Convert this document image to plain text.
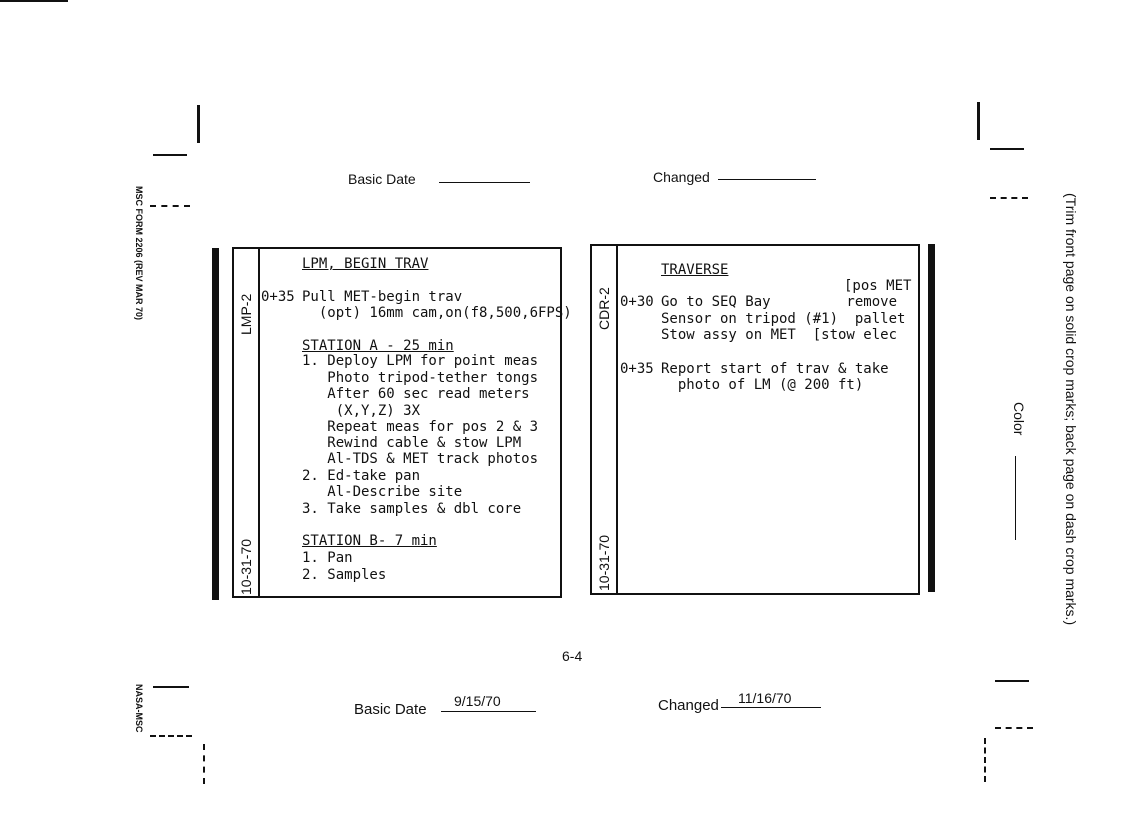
MSC FORM 2206 (REV MAR 70)
NASA-MSC
Basic Date	Changed
LMP-2
10-31-70
LPM, BEGIN TRAV
0+35 Pull MET-begin trav
(opt) 16mm cam,on(f8,500,6FPS)
STATION A - 25 min
1. Deploy LPM for point meas
Photo tripod-tether tongs
After 60 sec read meters
(X,Y,Z) 3X
Repeat meas for pos 2 & 3
Rewind cable & stow LPM
Al-TDS & MET track photos
2. Ed-take pan
Al-Describe site
3. Take samples & dbl core
STATION B- 7 min
1. Pan
2. Samples
CDR-2
10-31-70
TRAVERSE
[pos MET
0+30 Go to SEQ Bay         remove
Sensor on tripod (#1)  pallet
Stow assy on MET  [stow elec
0+35 Report start of trav & take
photo of LM (@ 200 ft)
6-4
Basic Date 9/15/70	Changed 11/16/70
Color	(Trim front page on solid crop marks; back page on dash crop marks.)
